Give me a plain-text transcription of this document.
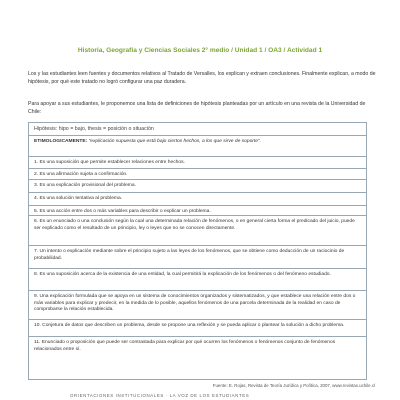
Historia, Geografía y Ciencias Sociales 2° medio / Unidad 1 / OA3 / Actividad 1
Los y las estudiantes leen fuentes y documentos relativos al Tratado de Versalles, los explican y extraen conclusiones. Finalmente explican, a modo de hipótesis, por qué este tratado no logró configurar una paz duradera.
Para apoyar a sus estudiantes, le proponemos una lista de definiciones de hipótesis planteadas por un artículo en una revista de la Universidad de Chile:
Hipótesis: hipo = bajo, thesis = posición o situación
ETIMOLOGICAMENTE: “explicación supuesta que está bajo ciertos hechos, a los que sirve de soporte”.
1. Es una suposición que permite establecer relaciones entre hechos.
2. Es una afirmación sujeta a confirmación.
3. Es una explicación provisional del problema.
4. Es una solución tentativa al problema.
5. Es una acción entre dos o más variables para describir o explicar un problema.
6. Es un enunciado o una conclusión según la cual una determinada relación de fenómenos, o en general cierta forma el predicado del juicio, puede ser explicado como el resultado de un principio, ley o leyes que no se conocen directamente.
7. Un intento o explicación mediante sobre el principio sujeto a las leyes de los fenómenos, que se obtiene como deducción de un raciocinio de probabilidad.
8. Es una suposición acerca de la existencia de una entidad, la cual permitirá la explicación de los fenómenos o del fenómeno estudiado.
9. Una explicación formulada que se apoya en un sistema de conocimientos organizados y sistematizados, y que establece una relación entre dos o más variables para explicar y predecir, en la medida de lo posible, aquellos fenómenos de una parcela determinada de la realidad en caso de comprobarse la relación establecida.
10. Conjetura de datos que describen un problema, desde se propone una reflexión y se pueda aplicar o plantear la solución a dicho problema.
11. Enunciado o proposición que puede ser contrastada para explicar por qué ocurren los fenómenos o fenómenos conjunto de fenómenos relacionados entre sí.
Fuente: E. Rojas, Revista de Teoría Jurídica y Política, 2007, www.revistas.uchile.cl
ORIENTACIONES INSTITUCIONALES · LA VOZ DE LOS ESTUDIANTES
